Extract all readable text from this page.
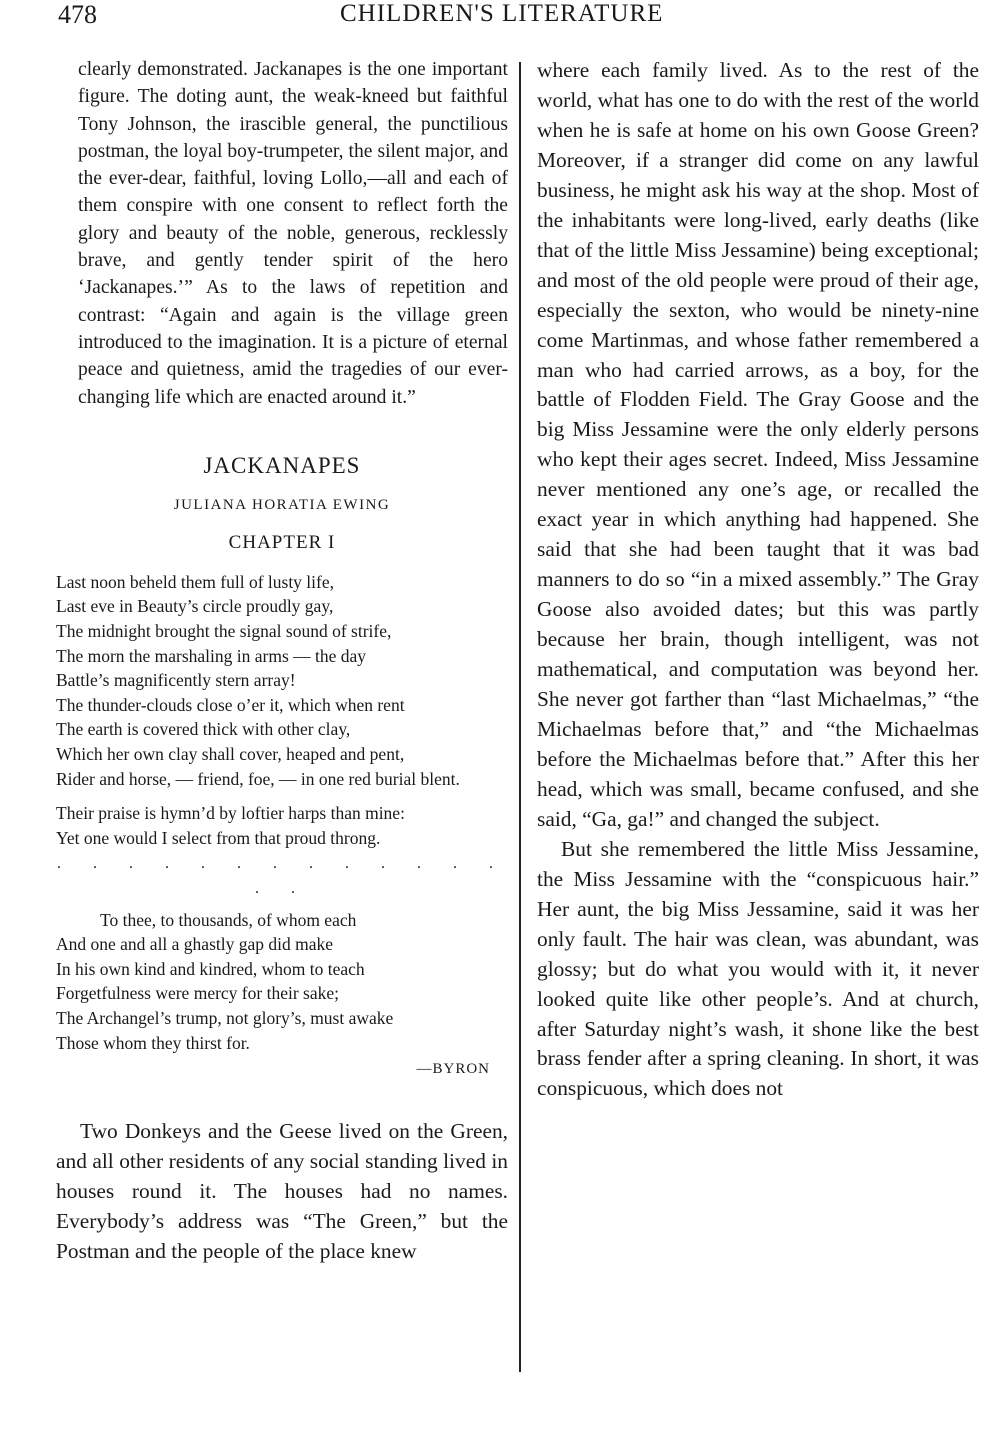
478	CHILDREN'S LITERATURE

clearly demonstrated. Jackanapes is the one important figure. The doting aunt, the weak-kneed but faithful Tony Johnson, the irascible general, the punctilious postman, the loyal boy-trumpeter, the silent major, and the ever-dear, faithful, loving Lollo,—all and each of them conspire with one consent to reflect forth the glory and beauty of the noble, generous, recklessly brave, and gently tender spirit of the hero ‘Jackanapes.’” As to the laws of repetition and contrast: “Again and again is the village green introduced to the imagination. It is a picture of eternal peace and quietness, amid the tragedies of our ever-changing life which are enacted around it.”

JACKANAPES
JULIANA HORATIA EWING
CHAPTER I
Last noon beheld them full of lusty life,
Last eve in Beauty’s circle proudly gay,
The midnight brought the signal sound of strife,
The morn the marshaling in arms — the day
Battle’s magnificently stern array!
The thunder-clouds close o’er it, which when rent
The earth is covered thick with other clay,
Which her own clay shall cover, heaped and pent,
Rider and horse, — friend, foe, — in one red burial blent.
Their praise is hymn’d by loftier harps than mine:
Yet one would I select from that proud throng.
. . . . . . . . . . . . . . .
To thee, to thousands, of whom each
And one and all a ghastly gap did make
In his own kind and kindred, whom to teach
Forgetfulness were mercy for their sake;
The Archangel’s trump, not glory’s, must awake
Those whom they thirst for.
—BYRON

Two Donkeys and the Geese lived on the Green, and all other residents of any social standing lived in houses round it. The houses had no names. Everybody’s address was “The Green,” but the Postman and the people of the place knew

where each family lived. As to the rest of the world, what has one to do with the rest of the world when he is safe at home on his own Goose Green? Moreover, if a stranger did come on any lawful business, he might ask his way at the shop. Most of the inhabitants were long-lived, early deaths (like that of the little Miss Jessamine) being exceptional; and most of the old people were proud of their age, especially the sexton, who would be ninety-nine come Martinmas, and whose father remembered a man who had carried arrows, as a boy, for the battle of Flodden Field. The Gray Goose and the big Miss Jessamine were the only elderly persons who kept their ages secret. Indeed, Miss Jessamine never mentioned any one’s age, or recalled the exact year in which anything had happened. She said that she had been taught that it was bad manners to do so “in a mixed assembly.” The Gray Goose also avoided dates; but this was partly because her brain, though intelligent, was not mathematical, and computation was beyond her. She never got farther than “last Michaelmas,” “the Michaelmas before that,” and “the Michaelmas before the Michaelmas before that.” After this her head, which was small, became confused, and she said, “Ga, ga!” and changed the subject.

But she remembered the little Miss Jessamine, the Miss Jessamine with the “conspicuous hair.” Her aunt, the big Miss Jessamine, said it was her only fault. The hair was clean, was abundant, was glossy; but do what you would with it, it never looked quite like other people’s. And at church, after Saturday night’s wash, it shone like the best brass fender after a spring cleaning. In short, it was conspicuous, which does not
